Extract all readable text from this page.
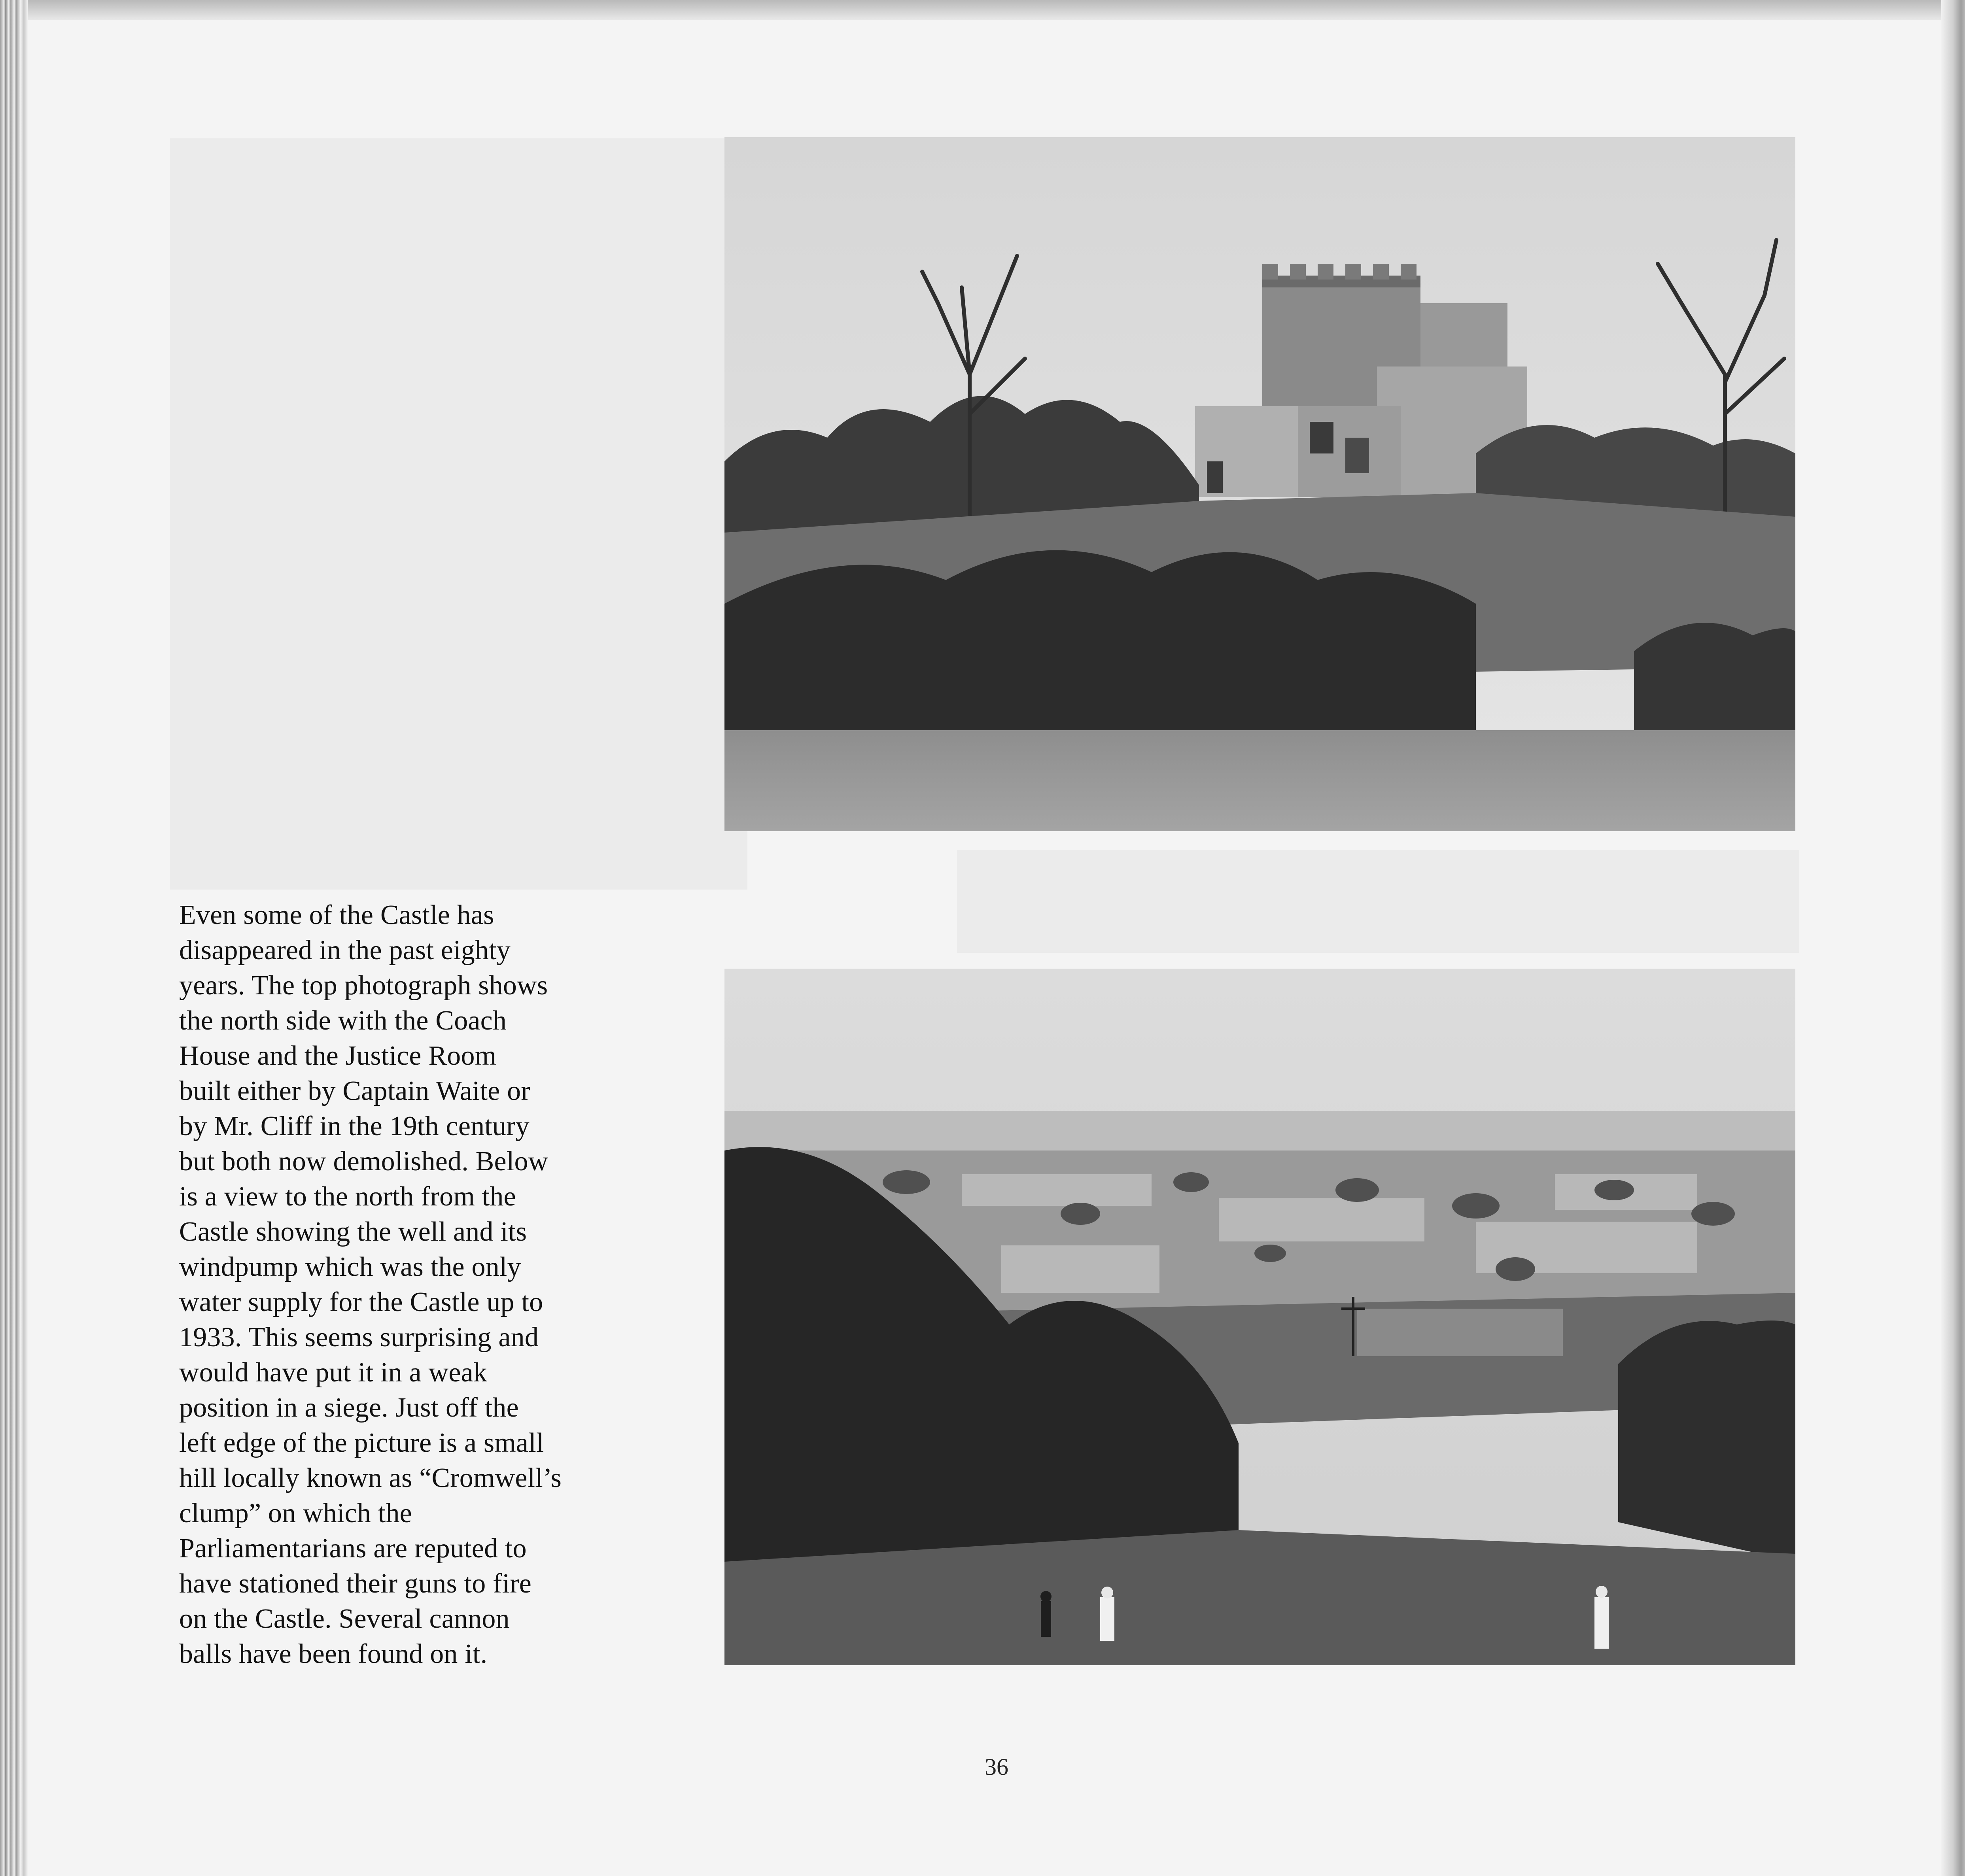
Even some of the Castle has
disappeared in the past eighty
years. The top photograph shows
the north side with the Coach
House and the Justice Room
built either by Captain Waite or
by Mr. Cliff in the 19th century
but both now demolished. Below
is a view to the north from the
Castle showing the well and its
windpump which was the only
water supply for the Castle up to
1933. This seems surprising and
would have put it in a weak
position in a siege. Just off the
left edge of the picture is a small
hill locally known as “Cromwell’s
clump” on which the
Parliamentarians are reputed to
have stationed their guns to fire
on the Castle. Several cannon
balls have been found on it.
36
